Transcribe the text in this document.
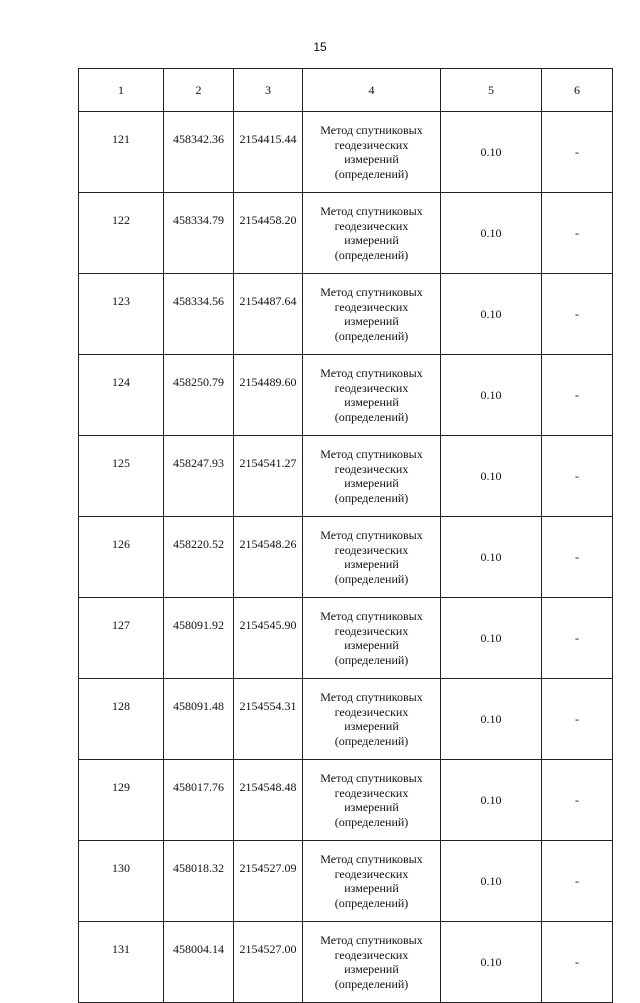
15
1	2	3	4	5	6
121	458342.36	2154415.44	Метод спутниковых
геодезических
измерений
(определений)	0.10	-
122	458334.79	2154458.20	Метод спутниковых
геодезических
измерений
(определений)	0.10	-
123	458334.56	2154487.64	Метод спутниковых
геодезических
измерений
(определений)	0.10	-
124	458250.79	2154489.60	Метод спутниковых
геодезических
измерений
(определений)	0.10	-
125	458247.93	2154541.27	Метод спутниковых
геодезических
измерений
(определений)	0.10	-
126	458220.52	2154548.26	Метод спутниковых
геодезических
измерений
(определений)	0.10	-
127	458091.92	2154545.90	Метод спутниковых
геодезических
измерений
(определений)	0.10	-
128	458091.48	2154554.31	Метод спутниковых
геодезических
измерений
(определений)	0.10	-
129	458017.76	2154548.48	Метод спутниковых
геодезических
измерений
(определений)	0.10	-
130	458018.32	2154527.09	Метод спутниковых
геодезических
измерений
(определений)	0.10	-
131	458004.14	2154527.00	Метод спутниковых
геодезических
измерений
(определений)	0.10	-
